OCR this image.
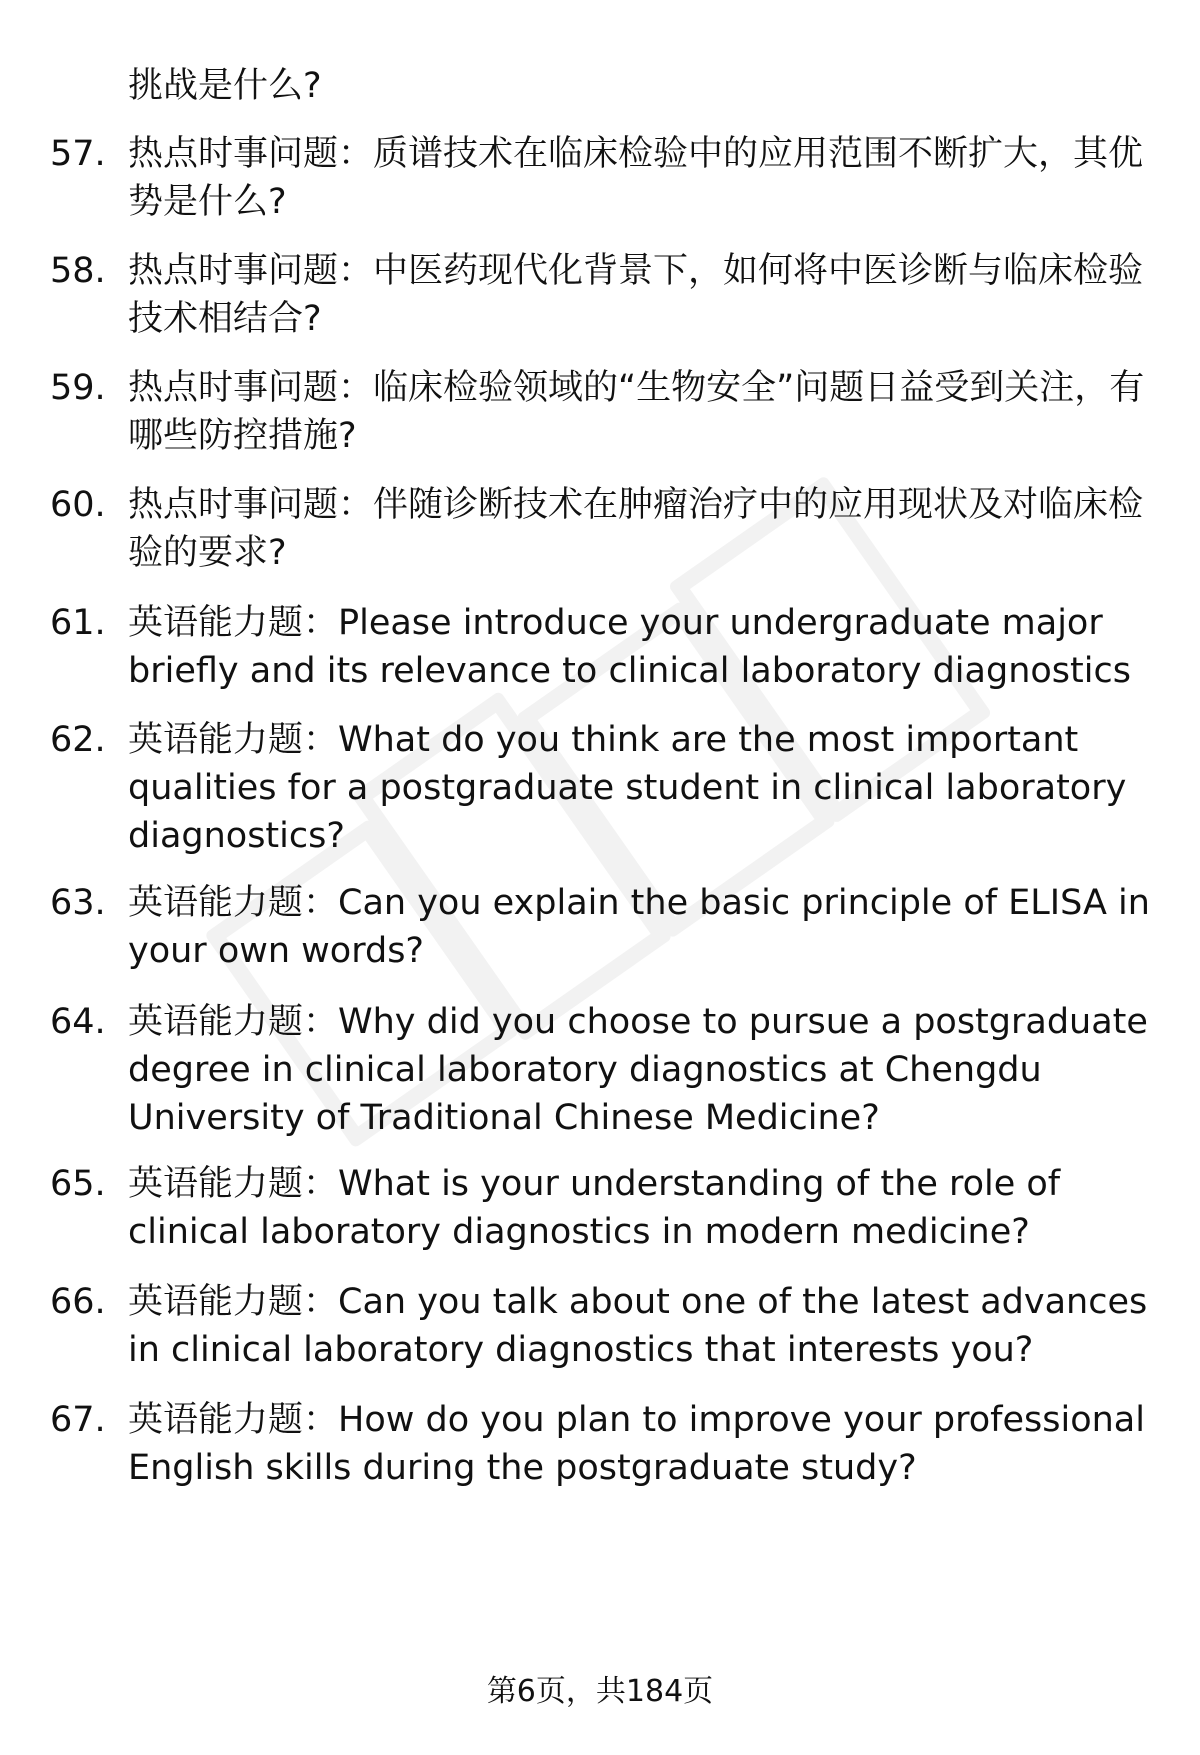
挑战是什么?
57. 热点时事问题：质谱技术在临床检验中的应用范围不断扩大，其优势是什么?
58. 热点时事问题：中医药现代化背景下，如何将中医诊断与临床检验技术相结合?
59. 热点时事问题：临床检验领域的“生物安全”问题日益受到关注，有哪些防控措施?
60. 热点时事问题：伴随诊断技术在肿瘤治疗中的应用现状及对临床检验的要求?
61. 英语能力题：Please introduce your undergraduate major briefly and its relevance to clinical laboratory diagnostics
62. 英语能力题：What do you think are the most important qualities for a postgraduate student in clinical laboratory diagnostics?
63. 英语能力题：Can you explain the basic principle of ELISA in your own words?
64. 英语能力题：Why did you choose to pursue a postgraduate degree in clinical laboratory diagnostics at Chengdu University of Traditional Chinese Medicine?
65. 英语能力题：What is your understanding of the role of clinical laboratory diagnostics in modern medicine?
66. 英语能力题：Can you talk about one of the latest advances in clinical laboratory diagnostics that interests you?
67. 英语能力题：How do you plan to improve your professional English skills during the postgraduate study?
第6页，共184页
